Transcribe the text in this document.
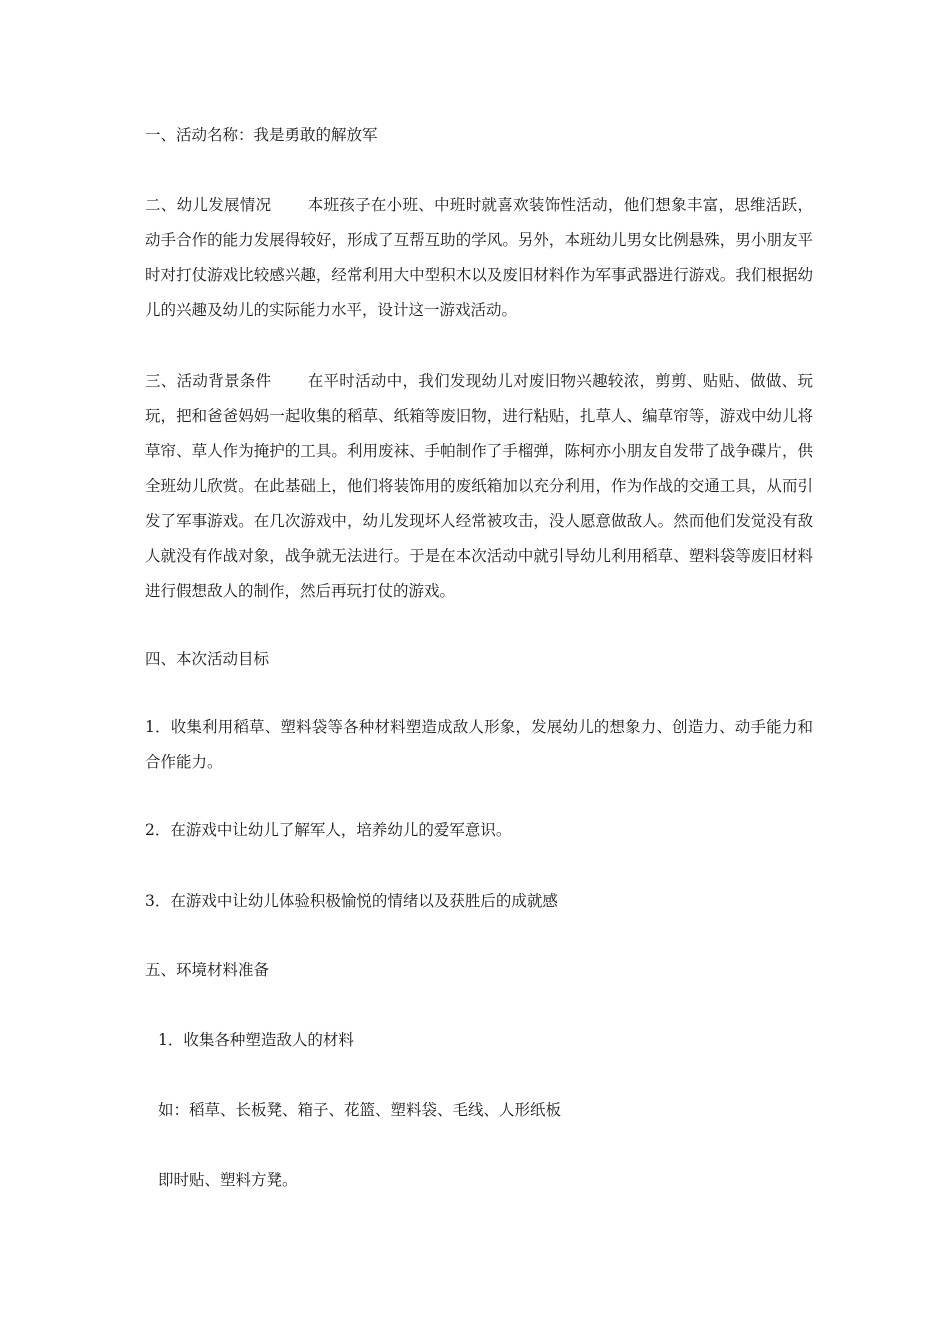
一、活动名称：我是勇敢的解放军

二、幼儿发展情况 本班孩子在小班、中班时就喜欢装饰性活动，他们想象丰富，思维活跃，动手合作的能力发展得较好，形成了互帮互助的学风。另外，本班幼儿男女比例悬殊，男小朋友平时对打仗游戏比较感兴趣，经常利用大中型积木以及废旧材料作为军事武器进行游戏。我们根据幼儿的兴趣及幼儿的实际能力水平，设计这一游戏活动。

三、活动背景条件 在平时活动中，我们发现幼儿对废旧物兴趣较浓，剪剪、贴贴、做做、玩玩，把和爸爸妈妈一起收集的稻草、纸箱等废旧物，进行粘贴，扎草人、编草帘等，游戏中幼儿将草帘、草人作为掩护的工具。利用废袜、手帕制作了手榴弹，陈柯亦小朋友自发带了战争碟片，供全班幼儿欣赏。在此基础上，他们将装饰用的废纸箱加以充分利用，作为作战的交通工具，从而引发了军事游戏。在几次游戏中，幼儿发现坏人经常被攻击，没人愿意做敌人。然而他们发觉没有敌人就没有作战对象，战争就无法进行。于是在本次活动中就引导幼儿利用稻草、塑料袋等废旧材料进行假想敌人的制作，然后再玩打仗的游戏。

四、本次活动目标

1．收集利用稻草、塑料袋等各种材料塑造成敌人形象，发展幼儿的想象力、创造力、动手能力和合作能力。

2．在游戏中让幼儿了解军人，培养幼儿的爱军意识。

3．在游戏中让幼儿体验积极愉悦的情绪以及获胜后的成就感

五、环境材料准备

1．收集各种塑造敌人的材料

如：稻草、长板凳、箱子、花篮、塑料袋、毛线、人形纸板

即时贴、塑料方凳。
